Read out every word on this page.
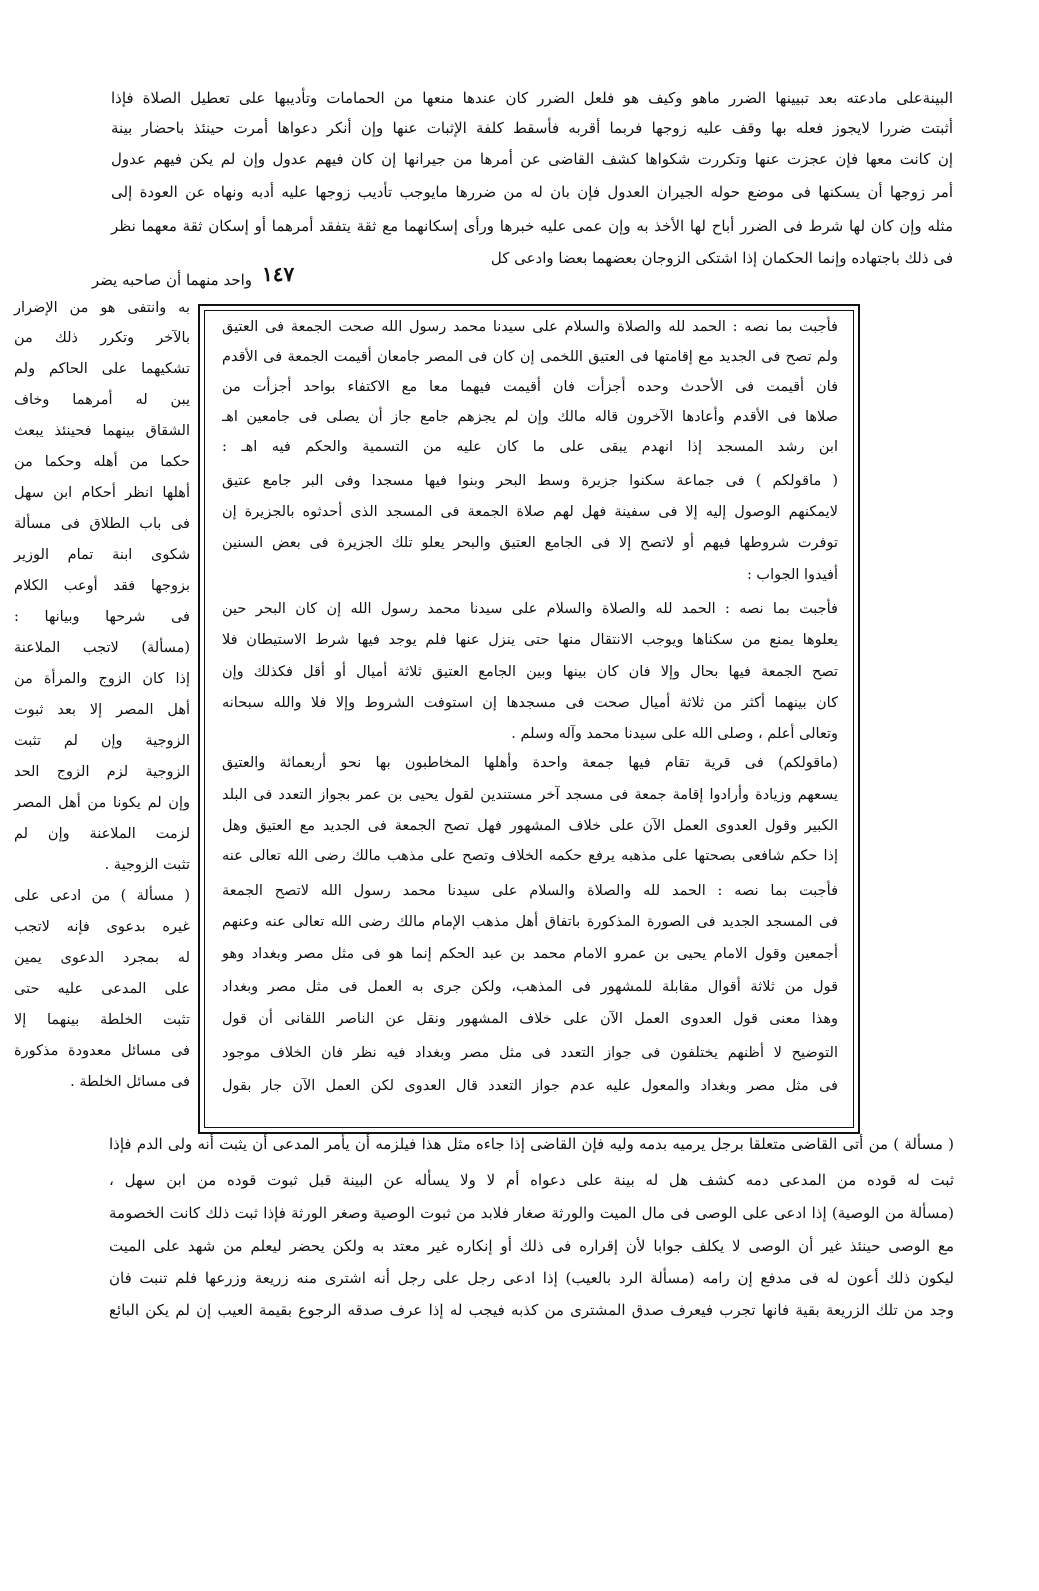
البينةعلى مادعته بعد تبيينها الضرر ماهو وكيف هو فلعل الضرر كان عندها منعها من الحمامات وتأديبها على تعطيل الصلاة فإذا
أثبتت ضررا لايجوز فعله بها وقف عليه زوجها فربما أقربه فأسقط كلفة الإثبات عنها وإن أنكر دعواها أمرت حينئذ باحضار بينة
إن كانت معها فإن عجزت عنها وتكررت شكواها كشف القاضى عن أمرها من جيرانها إن كان فيهم عدول وإن لم يكن فيهم عدول
أمر زوجها أن يسكنها فى موضع حوله الجيران العدول فإن بان له من ضررها مايوجب تأديب زوجها عليه أدبه ونهاه عن العودة إلى
مثله وإن كان لها شرط فى الضرر أباح لها الأخذ به وإن عمى عليه خبرها ورأى إسكانهما مع ثقة يتفقد أمرهما أو إسكان ثقة معهما نظر
فى ذلك باجتهاده وإنما الحكمان إذا اشتكى الزوجان بعضهما بعضا وادعى كل
واحد منهما أن صاحبه يضر ١٤٧
به وانتفى هو من الإضرار
بالآخر وتكرر ذلك من
تشكيهما على الحاكم ولم
يبن له أمرهما وخاف
الشقاق بينهما فحينئذ يبعث
حكما من أهله وحكما من
أهلها انظر أحكام ابن سهل
فى باب الطلاق فى مسألة
شكوى ابنة تمام الوزير
بزوجها فقد أوعب الكلام
فى شرحها وبيانها :
(مسألة) لاتجب الملاعنة
إذا كان الزوج والمرأة من
أهل المصر إلا بعد ثبوت
الزوجية وإن لم تثبت
الزوجية لزم الزوج الحد
وإن لم يكونا من أهل المصر
لزمت الملاعنة وإن لم
تثبت الزوجية .
( مسألة ) من ادعى على
غيره بدعوى فإنه لاتجب
له بمجرد الدعوى يمين
على المدعى عليه حتى
تثبت الخلطة بينهما إلا
فى مسائل معدودة مذكورة
فى مسائل الخلطة .
فأجبت بما نصه : الحمد لله والصلاة والسلام على سيدنا محمد رسول الله صحت الجمعة فى العتيق
ولم تصح فى الجديد مع إقامتها فى العتيق اللخمى إن كان فى المصر جامعان أقيمت الجمعة فى الأقدم
فان أقيمت فى الأحدث وحده أجزأت فان أقيمت فيهما معا مع الاكتفاء بواحد أجزأت من
صلاها فى الأقدم وأعادها الآخرون قاله مالك وإن لم يجزهم جامع جاز أن يصلى فى جامعين اهـ
ابن رشد المسجد إذا انهدم يبقى على ما كان عليه من التسمية والحكم فيه اهـ :
( ماقولكم ) فى جماعة سكنوا جزيرة وسط البحر وبنوا فيها مسجدا وفى البر جامع عتيق
لايمكنهم الوصول إليه إلا فى سفينة فهل لهم صلاة الجمعة فى المسجد الذى أحدثوه بالجزيرة إن
توفرت شروطها فيهم أو لاتصح إلا فى الجامع العتيق والبحر يعلو تلك الجزيرة فى بعض السنين
أفيدوا الجواب :
فأجبت بما نصه : الحمد لله والصلاة والسلام على سيدنا محمد رسول الله إن كان البحر حين
يعلوها يمنع من سكناها ويوجب الانتقال منها حتى ينزل عنها فلم يوجد فيها شرط الاستيطان فلا
تصح الجمعة فيها بحال وإلا فان كان بينها وبين الجامع العتيق ثلاثة أميال أو أقل فكذلك وإن
كان بينهما أكثر من ثلاثة أميال صحت فى مسجدها إن استوفت الشروط وإلا فلا والله سبحانه
وتعالى أعلم ، وصلى الله على سيدنا محمد وآله وسلم .
(ماقولكم) فى قرية تقام فيها جمعة واحدة وأهلها المخاطبون بها نحو أربعمائة والعتيق
يسعهم وزيادة وأرادوا إقامة جمعة فى مسجد آخر مستندين لقول يحيى بن عمر بجواز التعدد فى البلد
الكبير وقول العدوى العمل الآن على خلاف المشهور فهل تصح الجمعة فى الجديد مع العتيق وهل
إذا حكم شافعى بصحتها على مذهبه يرفع حكمه الخلاف وتصح على مذهب مالك رضى الله تعالى عنه
فأجبت بما نصه : الحمد لله والصلاة والسلام على سيدنا محمد رسول الله لاتصح الجمعة
فى المسجد الجديد فى الصورة المذكورة باتفاق أهل مذهب الإمام مالك رضى الله تعالى عنه وعنهم
أجمعين وقول الامام يحيى بن عمرو الامام محمد بن عبد الحكم إنما هو فى مثل مصر وبغداد وهو
قول من ثلاثة أقوال مقابلة للمشهور فى المذهب، ولكن جرى به العمل فى مثل مصر وبغداد
وهذا معنى قول العدوى العمل الآن على خلاف المشهور ونقل عن الناصر اللقانى أن قول
التوضيح لا أظنهم يختلفون فى جواز التعدد فى مثل مصر وبغداد فيه نظر فان الخلاف موجود
فى مثل مصر وبغداد والمعول عليه عدم جواز التعدد قال العدوى لكن العمل الآن جار بقول
( مسألة ) من أتى القاضى متعلقا برجل يرميه بدمه وليه فإن القاضى إذا جاءه مثل هذا فيلزمه أن يأمر المدعى أن يثبت أنه ولى الدم فإذا
ثبت له قوده من المدعى دمه كشف هل له بينة على دعواه أم لا ولا يسأله عن البينة قبل ثبوت قوده من ابن سهل ،
(مسألة من الوصية) إذا ادعى على الوصى فى مال الميت والورثة صغار فلابد من ثبوت الوصية وصغر الورثة فإذا ثبت ذلك كانت الخصومة
مع الوصى حينئذ غير أن الوصى لا يكلف جوابا لأن إقراره فى ذلك أو إنكاره غير معتد به ولكن يحضر ليعلم من شهد على الميت
ليكون ذلك أعون له فى مدفع إن رامه (مسألة الرد بالعيب) إذا ادعى رجل على رجل أنه اشترى منه زريعة وزرعها فلم تنبت فان
وجد من تلك الزريعة بقية فانها تجرب فيعرف صدق المشترى من كذبه فيجب له إذا عرف صدقه الرجوع بقيمة العيب إن لم يكن البائع
